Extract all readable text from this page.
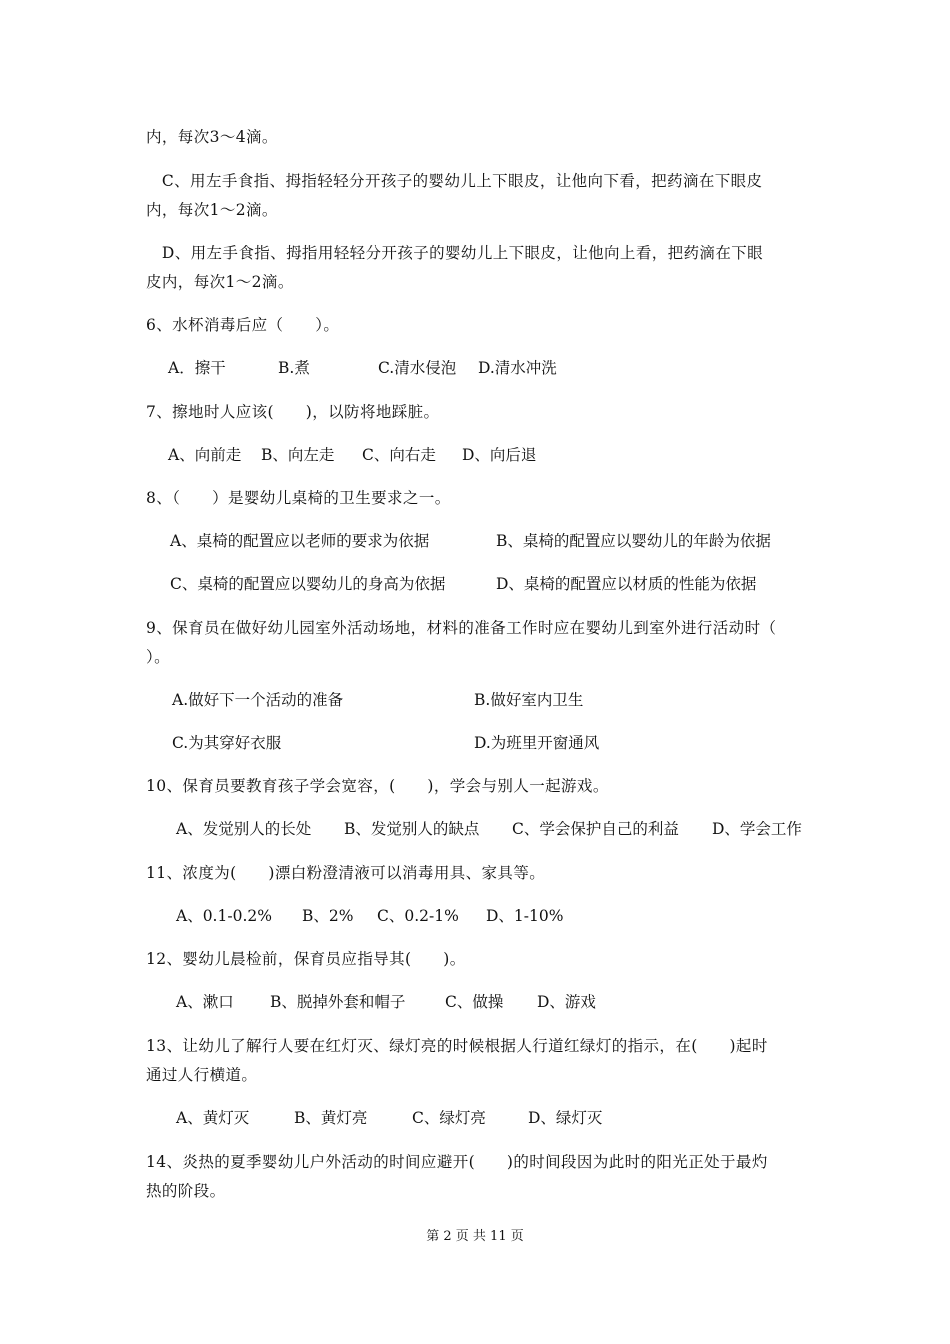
内，每次3～4滴。
　C、用左手食指、拇指轻轻分开孩子的婴幼儿上下眼皮，让他向下看，把药滴在下眼皮
内，每次1～2滴。
　D、用左手食指、拇指用轻轻分开孩子的婴幼儿上下眼皮，让他向上看，把药滴在下眼
皮内，每次1～2滴。
6、水杯消毒后应（　　）。
A．擦干	B.煮	C.清水侵泡 D.清水冲洗
7、擦地时人应该(　　)，以防将地踩脏。
A、向前走 B、向左走 C、向右走 D、向后退
8、（　　）是婴幼儿桌椅的卫生要求之一。
A、桌椅的配置应以老师的要求为依据	B、桌椅的配置应以婴幼儿的年龄为依据
C、桌椅的配置应以婴幼儿的身高为依据	D、桌椅的配置应以材质的性能为依据
9、保育员在做好幼儿园室外活动场地，材料的准备工作时应在婴幼儿到室外进行活动时（
）。
A.做好下一个活动的准备	B.做好室内卫生
C.为其穿好衣服	D.为班里开窗通风
10、保育员要教育孩子学会宽容，(　　)，学会与别人一起游戏。
A、发觉别人的长处 B、发觉别人的缺点 C、学会保护自己的利益 D、学会工作
11、浓度为(　　)漂白粉澄清液可以消毒用具、家具等。
A、0.1-0.2% B、2% C、0.2-1% D、1-10%
12、婴幼儿晨检前，保育员应指导其(　　)。
A、漱口 B、脱掉外套和帽子	C、做操 D、游戏
13、让幼儿了解行人要在红灯灭、绿灯亮的时候根据人行道红绿灯的指示，在(　　)起时
通过人行横道。
A、黄灯灭	B、黄灯亮	C、绿灯亮	D、绿灯灭
14、炎热的夏季婴幼儿户外活动的时间应避开(　　)的时间段因为此时的阳光正处于最灼
热的阶段。
第 2 页 共 11 页
